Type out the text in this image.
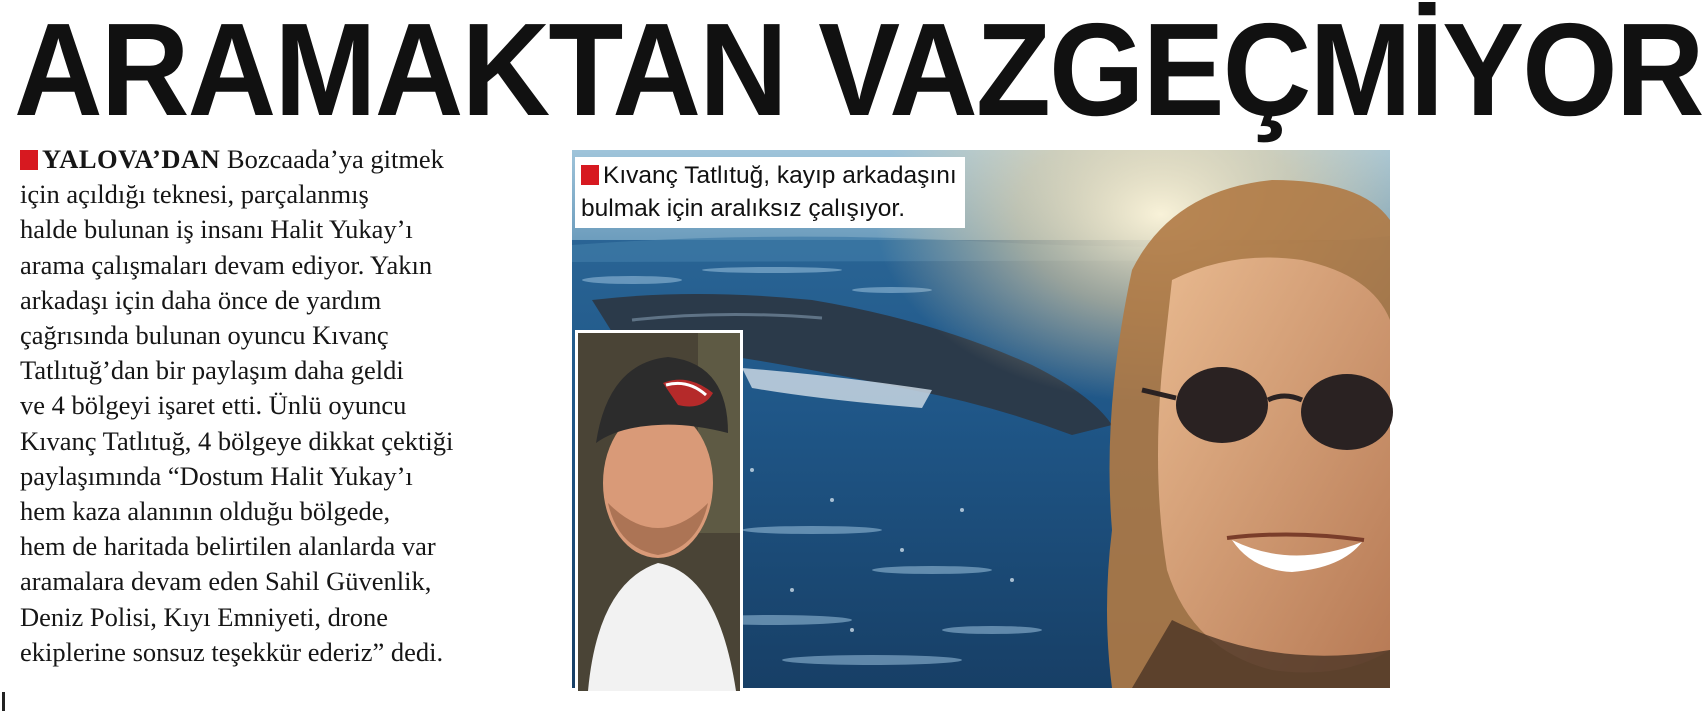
ARAMAKTAN VAZGEÇMİYOR
YALOVA’DAN Bozcaada’ya gitmek
için açıldığı teknesi, parçalanmış
halde bulunan iş insanı Halit Yukay’ı
arama çalışmaları devam ediyor. Yakın
arkadaşı için daha önce de yardım
çağrısında bulunan oyuncu Kıvanç
Tatlıtuğ’dan bir paylaşım daha geldi
ve 4 bölgeyi işaret etti. Ünlü oyuncu
Kıvanç Tatlıtuğ, 4 bölgeye dikkat çektiği
paylaşımında “Dostum Halit Yukay’ı
hem kaza alanının olduğu bölgede,
hem de haritada belirtilen alanlarda var
aramalara devam eden Sahil Güvenlik,
Deniz Polisi, Kıyı Emniyeti, drone
ekiplerine sonsuz teşekkür ederiz” dedi.
Kıvanç Tatlıtuğ, kayıp arkadaşını
bulmak için aralıksız çalışıyor.
